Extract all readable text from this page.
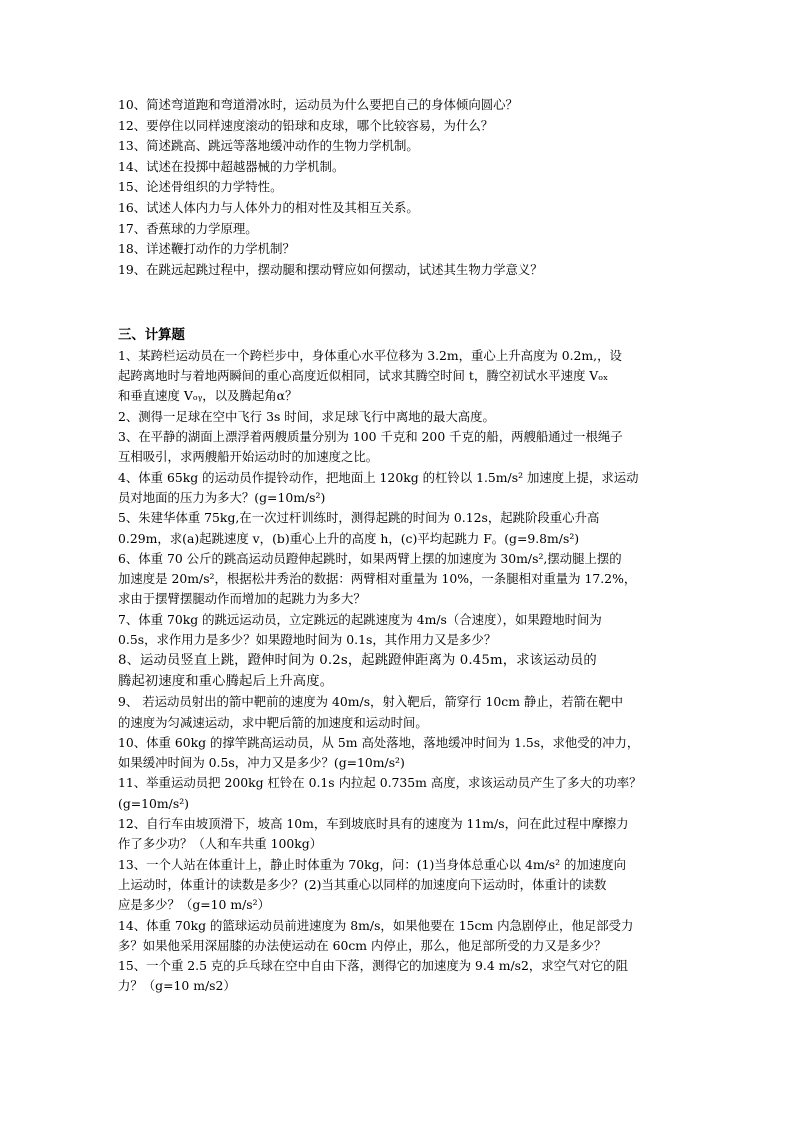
10、简述弯道跑和弯道滑冰时，运动员为什么要把自己的身体倾向圆心？
12、要停住以同样速度滚动的铅球和皮球，哪个比较容易，为什么？
13、简述跳高、跳远等落地缓冲动作的生物力学机制。
14、试述在投掷中超越器械的力学机制。
15、论述骨组织的力学特性。
16、试述人体内力与人体外力的相对性及其相互关系。
17、香蕉球的力学原理。
18、详述鞭打动作的力学机制？
19、在跳远起跳过程中，摆动腿和摆动臂应如何摆动，试述其生物力学意义？
三、计算题
1、某跨栏运动员在一个跨栏步中，身体重心水平位移为 3.2m，重心上升高度为 0.2m,，设
起跨离地时与着地两瞬间的重心高度近似相同，试求其腾空时间 t，腾空初试水平速度 Vₒₓ
和垂直速度 Vₒᵧ，以及腾起角α？
2、测得一足球在空中飞行 3s 时间，求足球飞行中离地的最大高度。
3、在平静的湖面上漂浮着两艘质量分别为 100 千克和 200 千克的船，两艘船通过一根绳子
互相吸引，求两艘船开始运动时的加速度之比。
4、体重 65kg 的运动员作提铃动作，把地面上 120kg 的杠铃以 1.5m/s² 加速度上提，求运动
员对地面的压力为多大？(g=10m/s²)
5、朱建华体重 75kg,在一次过杆训练时，测得起跳的时间为 0.12s，起跳阶段重心升高
0.29m，求(a)起跳速度 v，(b)重心上升的高度 h，(c)平均起跳力 F。(g=9.8m/s²)
6、体重 70 公斤的跳高运动员蹬伸起跳时，如果两臂上摆的加速度为 30m/s²,摆动腿上摆的
加速度是 20m/s²，根据松井秀治的数据：两臂相对重量为 10%，一条腿相对重量为 17.2%，
求由于摆臂摆腿动作而增加的起跳力为多大？
7、体重 70kg 的跳远运动员，立定跳远的起跳速度为 4m/s（合速度），如果蹬地时间为
0.5s，求作用力是多少？如果蹬地时间为 0.1s，其作用力又是多少？
8、运动员竖直上跳，蹬伸时间为 0.2s，起跳蹬伸距离为 0.45m，求该运动员的
腾起初速度和重心腾起后上升高度。
9、 若运动员射出的箭中靶前的速度为 40m/s，射入靶后，箭穿行 10cm 静止，若箭在靶中
的速度为匀减速运动，求中靶后箭的加速度和运动时间。
10、体重 60kg 的撑竿跳高运动员，从 5m 高处落地，落地缓冲时间为 1.5s，求他受的冲力，
如果缓冲时间为 0.5s，冲力又是多少？(g=10m/s²)
11、举重运动员把 200kg 杠铃在 0.1s 内拉起 0.735m 高度，求该运动员产生了多大的功率？
(g=10m/s²)
12、自行车由坡顶滑下，坡高 10m，车到坡底时具有的速度为 11m/s，问在此过程中摩擦力
作了多少功？（人和车共重 100kg）
13、一个人站在体重计上，静止时体重为 70kg，问：(1)当身体总重心以 4m/s² 的加速度向
上运动时，体重计的读数是多少？(2)当其重心以同样的加速度向下运动时，体重计的读数
应是多少？（g=10 m/s²）
14、体重 70kg 的篮球运动员前进速度为 8m/s，如果他要在 15cm 内急剧停止，他足部受力
多？如果他采用深屈膝的办法使运动在 60cm 内停止，那么，他足部所受的力又是多少？
15、一个重 2.5 克的乒乓球在空中自由下落，测得它的加速度为 9.4 m/s2，求空气对它的阻
力？（g=10 m/s2）
